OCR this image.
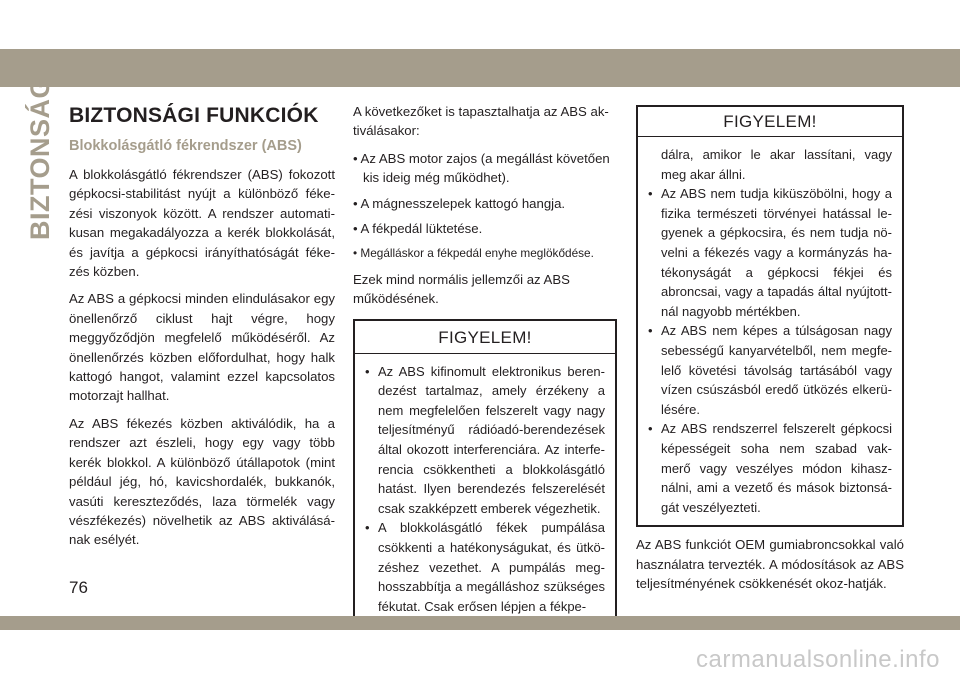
BIZTONSÁG BIZTONSÁGI FUNKCIÓK
Blokkolásgátló fékrendszer (ABS)

A blokkolásgátló fékrendszer (ABS) fokozott gépkocsi-stabilitást nyújt a különböző féke-zési viszonyok között. A rendszer automati-kusan megakadályozza a kerék blokkolását, és javítja a gépkocsi irányíthatóságát féke-zés közben.

Az ABS a gépkocsi minden elindulásakor egy önellenőrző ciklust hajt végre, hogy meggyőződjön megfelelő működéséről. Az önellenőrzés közben előfordulhat, hogy halk kattogó hangot, valamint ezzel kapcsolatos motorzajt hallhat.

Az ABS fékezés közben aktiválódik, ha a rendszer azt észleli, hogy egy vagy több kerék blokkol. A különböző útállapotok (mint például jég, hó, kavicshordalék, bukkanók, vasúti kereszteződés, laza törmelék vagy vészfékezés) növelhetik az ABS aktiválásá-nak esélyét.

A következőket is tapasztalhatja az ABS ak-tiválásakor:

• Az ABS motor zajos (a megállást követően kis ideig még működhet).

• A mágnesszelepek kattogó hangja.

• A fékpedál lüktetése.

• Megálláskor a fékpedál enyhe meglökődése.

Ezek mind normális jellemzői az ABS működésének.

FIGYELEM!
• Az ABS kifinomult elektronikus beren-dezést tartalmaz, amely érzékeny a nem megfelelően felszerelt vagy nagy teljesítményű rádióadó-berendezések által okozott interferenciára. Az interfe-rencia csökkentheti a blokkolásgátló hatást. Ilyen berendezés felszerelését csak szakképzett emberek végezhetik.
• A blokkolásgátló fékek pumpálása csökkenti a hatékonyságukat, és ütkö-zéshez vezethet. A pumpálás meg-hosszabbítja a megálláshoz szükséges fékutat. Csak erősen lépjen a fékpe-
FIGYELEM!
dálra, amikor le akar lassítani, vagy meg akar állni.
• Az ABS nem tudja kiküszöbölni, hogy a fizika természeti törvényei hatással le-gyenek a gépkocsira, és nem tudja nö-velni a fékezés vagy a kormányzás ha-tékonyságát a gépkocsi fékjei és abroncsai, vagy a tapadás által nyújtott-nál nagyobb mértékben.
• Az ABS nem képes a túlságosan nagy sebességű kanyarvételből, nem megfe-lelő követési távolság tartásából vagy vízen csúszásból eredő ütközés elkerü-lésére.
• Az ABS rendszerrel felszerelt gépkocsi képességeit soha nem szabad vak-merő vagy veszélyes módon kihasz-nálni, ami a vezető és mások biztonsá-gát veszélyezteti.

Az ABS funkciót OEM gumiabroncsokkal való használatra tervezték. A módosítások az ABS teljesítményének csökkenését okoz-hatják.

76
carmanualsonline.info
